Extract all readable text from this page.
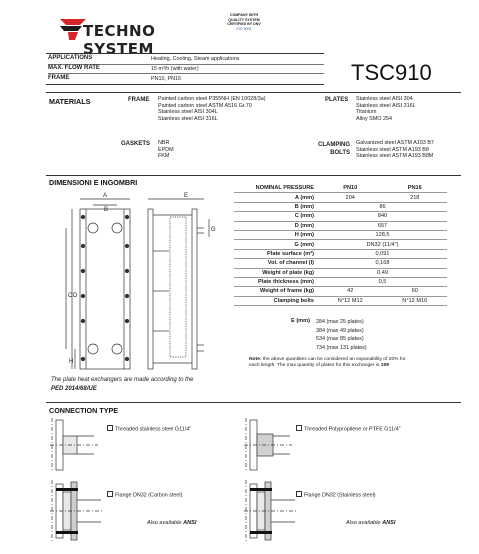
TECHNO SYSTEM
COMPANY WITH
QUALITY SYSTEM
CERTIFIED BY DNV
ISO 9001
APPLICATIONS	Heating, Cooling, Steam applications
MAX. FLOW RATE	15 m³/h (with water)
FRAME	PN10, PN16	TSC910
MATERIALS	FRAME Painted carbon steel P355NH (EN 10028/3a)
Painted carbon steel ASTM A516 Gr.70
Stainless steel AISI 304L
Stainless steel AISI 316L
PLATES Stainless steel AISI 304
Stainless steel AISI 316L
Titanium
Alloy SMO 254
GASKETS NBR
EPDM
FKM
CLAMPING
BOLTS
Galvanized steel ASTM A193 B7
Stainless steel ASTM A193 B8
Stainless steel ASTM A193 B8M
DIMENSIONI E INGOMBRI
A
B
E
C D
G
H
The plate heat exchangers are made according to the
PED 2014/68/UE
NOMINAL PRESSURE	PN10	PN16
A (mm)	204	218
B (mm)	86	
C (mm)	840	
D (mm)	657	
H (mm)	128,5	
G (mm)	DN32 (11/4")	
Plate surface (m²)	0,091	
Vol. of channel (l)	0,168	
Weight of plate (kg)	0,49	
Plate thickness (mm)	0,5	
Weight of frame (kg)	42	60
Clamping bolts	N°12 M12	N°12 M16
E (mm)	284 (max 25 plates)
384 (max 49 plates)
534 (max 85 plates)
734 (max 131 plates)
Note: the above quantities can be considered an expanability of 20% for
each length. The max quantity of plates for this exchanger is 159
CONNECTION TYPE
Threaded stainless steel G11/4"	Threaded Polypropilene or PTFE G11/4"
Flange DN32 (Carbon steel)
Also available ANSI
Flange DN32 (Stainless steel)
Also available ANSI
